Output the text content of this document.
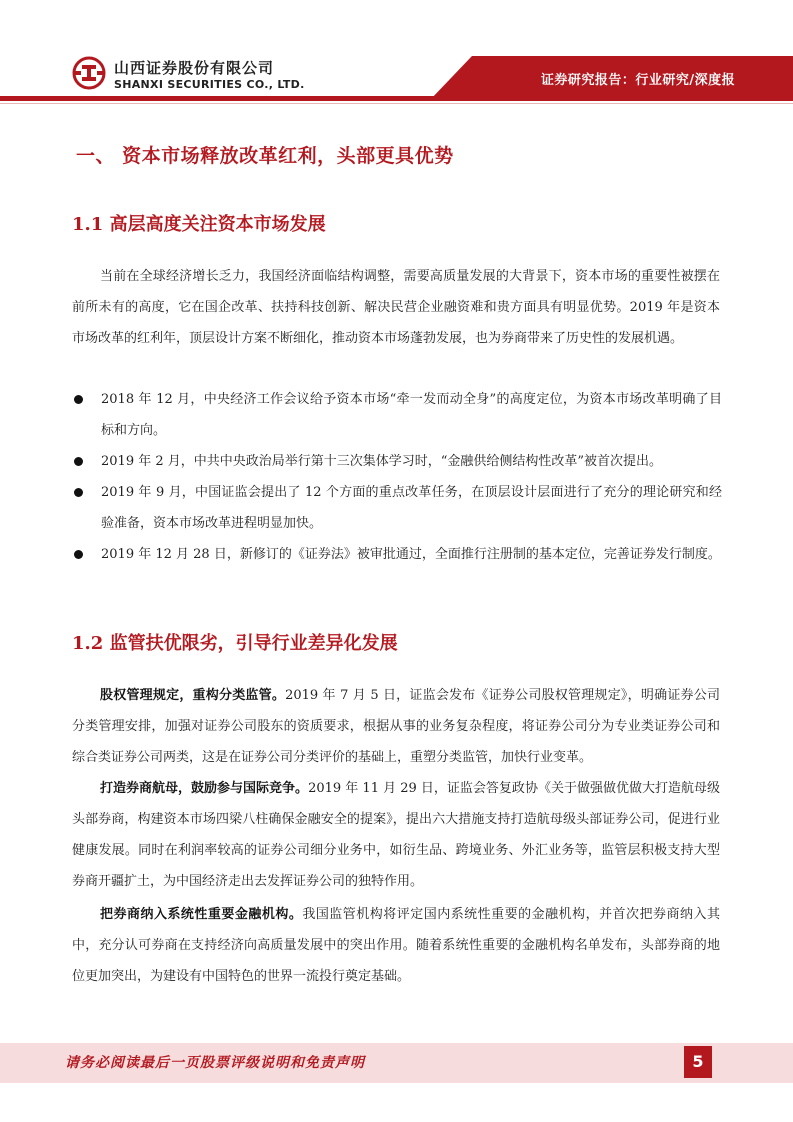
山西证券股份有限公司
SHANXI SECURITIES CO., LTD.	证券研究报告：行业研究/深度报
一、 资本市场释放改革红利，头部更具优势
1.1 高层高度关注资本市场发展

当前在全球经济增长乏力，我国经济面临结构调整，需要高质量发展的大背景下，资本市场的重要性被摆在前所未有的高度，它在国企改革、扶持科技创新、解决民营企业融资难和贵方面具有明显优势。2019 年是资本市场改革的红利年，顶层设计方案不断细化，推动资本市场蓬勃发展，也为券商带来了历史性的发展机遇。

2018 年 12 月，中央经济工作会议给予资本市场“牵一发而动全身”的高度定位，为资本市场改革明确了目标和方向。
2019 年 2 月，中共中央政治局举行第十三次集体学习时，“金融供给侧结构性改革”被首次提出。
2019 年 9 月，中国证监会提出了 12 个方面的重点改革任务，在顶层设计层面进行了充分的理论研究和经验准备，资本市场改革进程明显加快。
2019 年 12 月 28 日，新修订的《证券法》被审批通过，全面推行注册制的基本定位，完善证券发行制度。
1.2 监管扶优限劣，引导行业差异化发展

股权管理规定，重构分类监管。2019 年 7 月 5 日，证监会发布《证券公司股权管理规定》，明确证券公司分类管理安排，加强对证券公司股东的资质要求，根据从事的业务复杂程度，将证券公司分为专业类证券公司和综合类证券公司两类，这是在证券公司分类评价的基础上，重塑分类监管，加快行业变革。

打造券商航母，鼓励参与国际竞争。2019 年 11 月 29 日，证监会答复政协《关于做强做优做大打造航母级头部券商，构建资本市场四梁八柱确保金融安全的提案》，提出六大措施支持打造航母级头部证券公司，促进行业健康发展。同时在利润率较高的证券公司细分业务中，如衍生品、跨境业务、外汇业务等，监管层积极支持大型券商开疆扩土，为中国经济走出去发挥证券公司的独特作用。

把券商纳入系统性重要金融机构。我国监管机构将评定国内系统性重要的金融机构，并首次把券商纳入其中，充分认可券商在支持经济向高质量发展中的突出作用。随着系统性重要的金融机构名单发布，头部券商的地位更加突出，为建设有中国特色的世界一流投行奠定基础。

请务必阅读最后一页股票评级说明和免责声明	5
